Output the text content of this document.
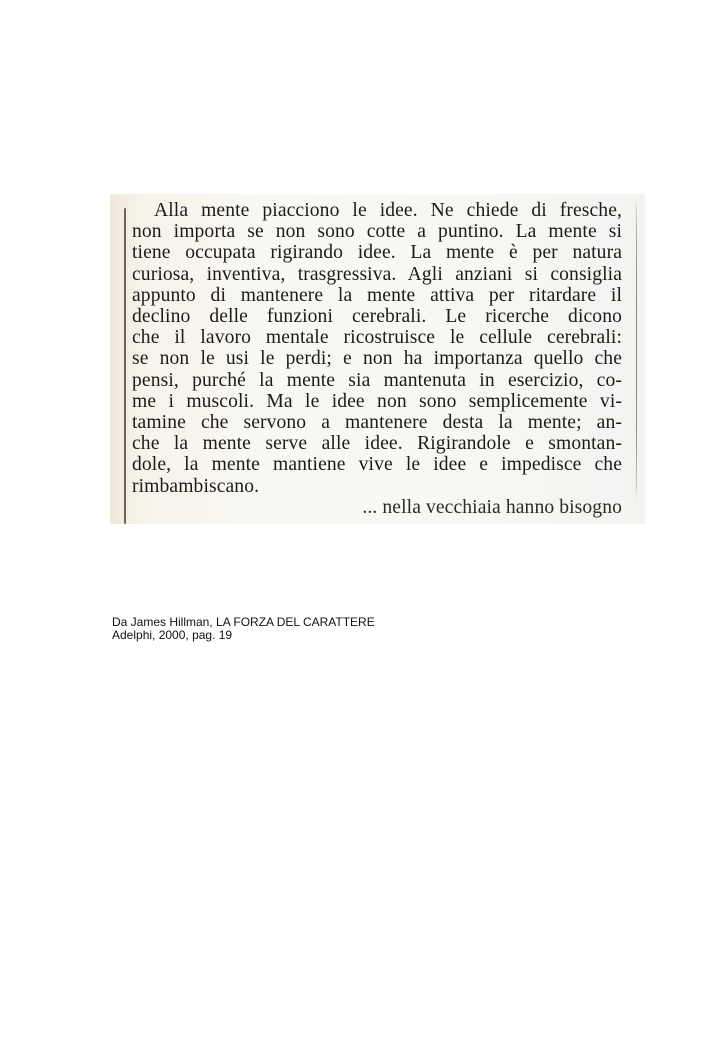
Alla mente piacciono le idee. Ne chiede di fresche,
non importa se non sono cotte a puntino. La mente si
tiene occupata rigirando idee. La mente è per natura
curiosa, inventiva, trasgressiva. Agli anziani si consiglia
appunto di mantenere la mente attiva per ritardare il
declino delle funzioni cerebrali. Le ricerche dicono
che il lavoro mentale ricostruisce le cellule cerebrali:
se non le usi le perdi; e non ha importanza quello che
pensi, purché la mente sia mantenuta in esercizio, co-
me i muscoli. Ma le idee non sono semplicemente vi-
tamine che servono a mantenere desta la mente; an-
che la mente serve alle idee. Rigirandole e smontan-
dole, la mente mantiene vive le idee e impedisce che
rimbambiscano.
... nella vecchiaia hanno bisogno
Da James Hillman, LA FORZA DEL CARATTERE
Adelphi, 2000, pag. 19
